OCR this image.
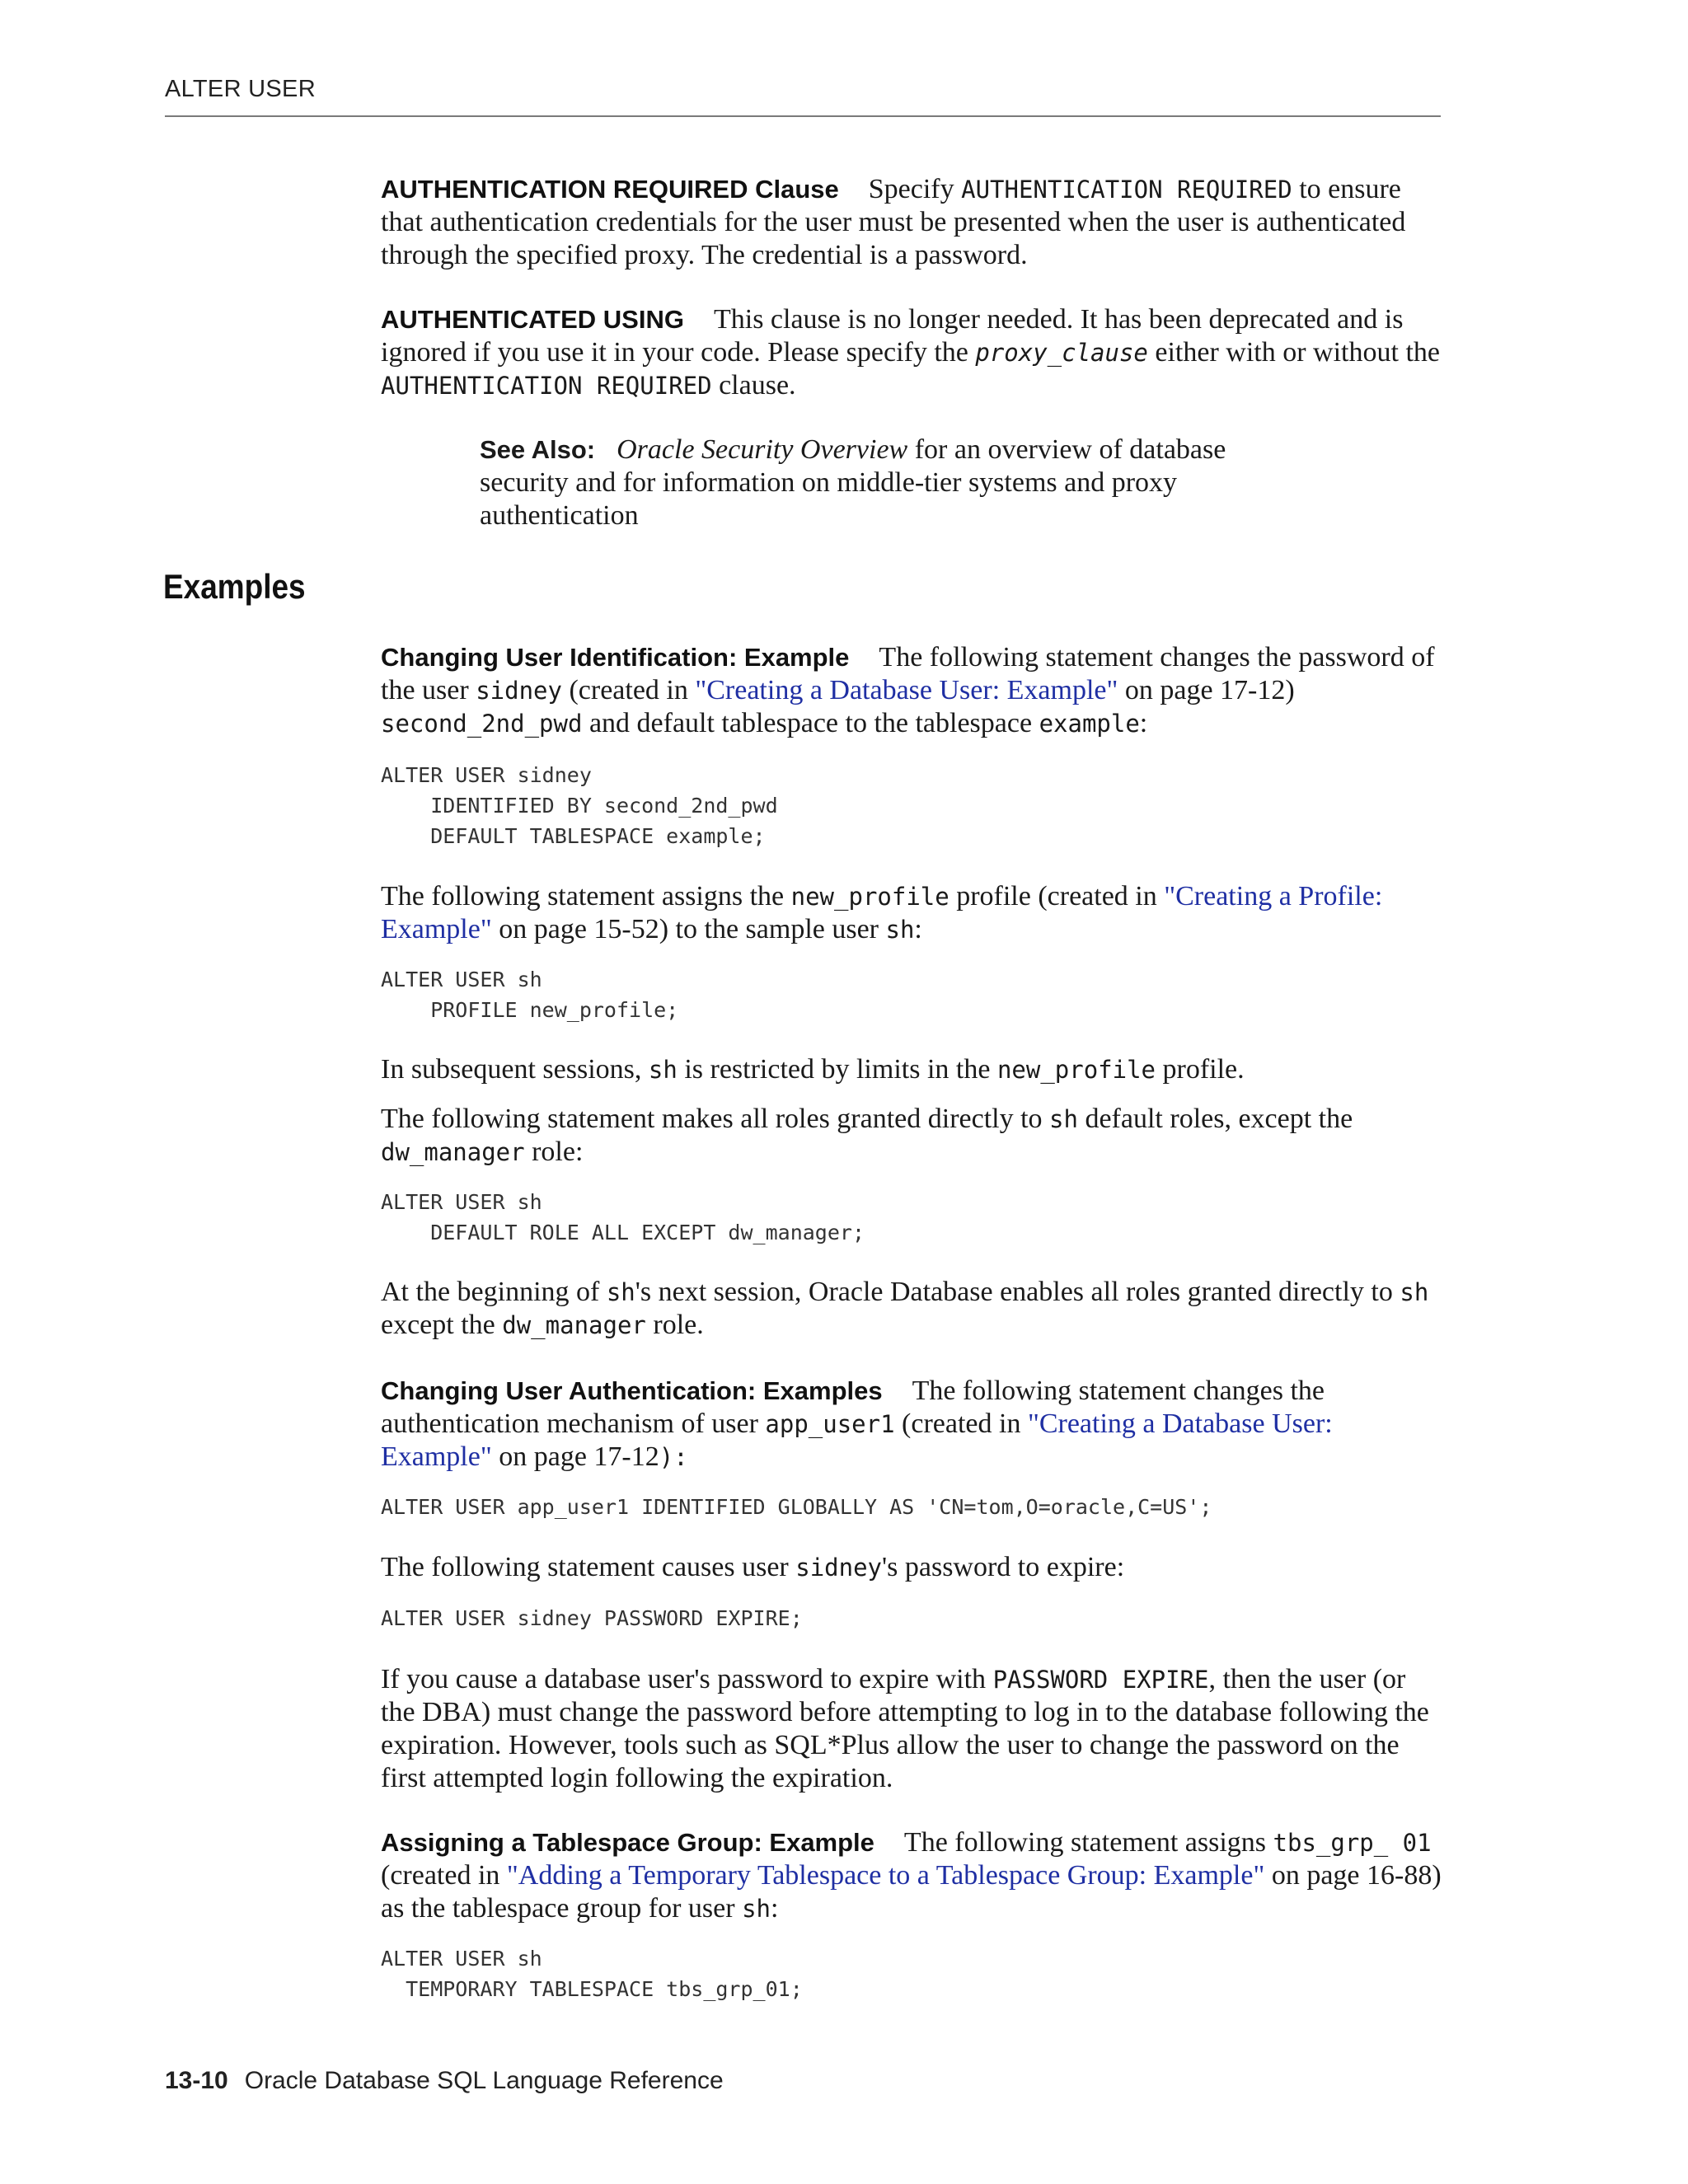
ALTER USER
AUTHENTICATION REQUIRED Clause Specify AUTHENTICATION REQUIRED to ensure that authentication credentials for the user must be presented when the user is authenticated through the specified proxy. The credential is a password.
AUTHENTICATED USING This clause is no longer needed. It has been deprecated and is ignored if you use it in your code. Please specify the proxy_clause either with or without the AUTHENTICATION REQUIRED clause.
See Also: Oracle Security Overview for an overview of database security and for information on middle-tier systems and proxy authentication
Examples
Changing User Identification: Example The following statement changes the password of the user sidney (created in "Creating a Database User: Example" on page 17-12) second_2nd_pwd and default tablespace to the tablespace example:
ALTER USER sidney
IDENTIFIED BY second_2nd_pwd
DEFAULT TABLESPACE example;
The following statement assigns the new_profile profile (created in "Creating a Profile: Example" on page 15-52) to the sample user sh:
ALTER USER sh
PROFILE new_profile;
In subsequent sessions, sh is restricted by limits in the new_profile profile.
The following statement makes all roles granted directly to sh default roles, except the dw_manager role:
ALTER USER sh
DEFAULT ROLE ALL EXCEPT dw_manager;
At the beginning of sh's next session, Oracle Database enables all roles granted directly to sh except the dw_manager role.
Changing User Authentication: Examples The following statement changes the authentication mechanism of user app_user1 (created in "Creating a Database User: Example" on page 17-12):
ALTER USER app_user1 IDENTIFIED GLOBALLY AS 'CN=tom,O=oracle,C=US';
The following statement causes user sidney's password to expire:
ALTER USER sidney PASSWORD EXPIRE;
If you cause a database user's password to expire with PASSWORD EXPIRE, then the user (or the DBA) must change the password before attempting to log in to the database following the expiration. However, tools such as SQL*Plus allow the user to change the password on the first attempted login following the expiration.
Assigning a Tablespace Group: Example The following statement assigns tbs_grp_ 01 (created in "Adding a Temporary Tablespace to a Tablespace Group: Example" on page 16-88) as the tablespace group for user sh:
ALTER USER sh
TEMPORARY TABLESPACE tbs_grp_01;
13-10 Oracle Database SQL Language Reference
